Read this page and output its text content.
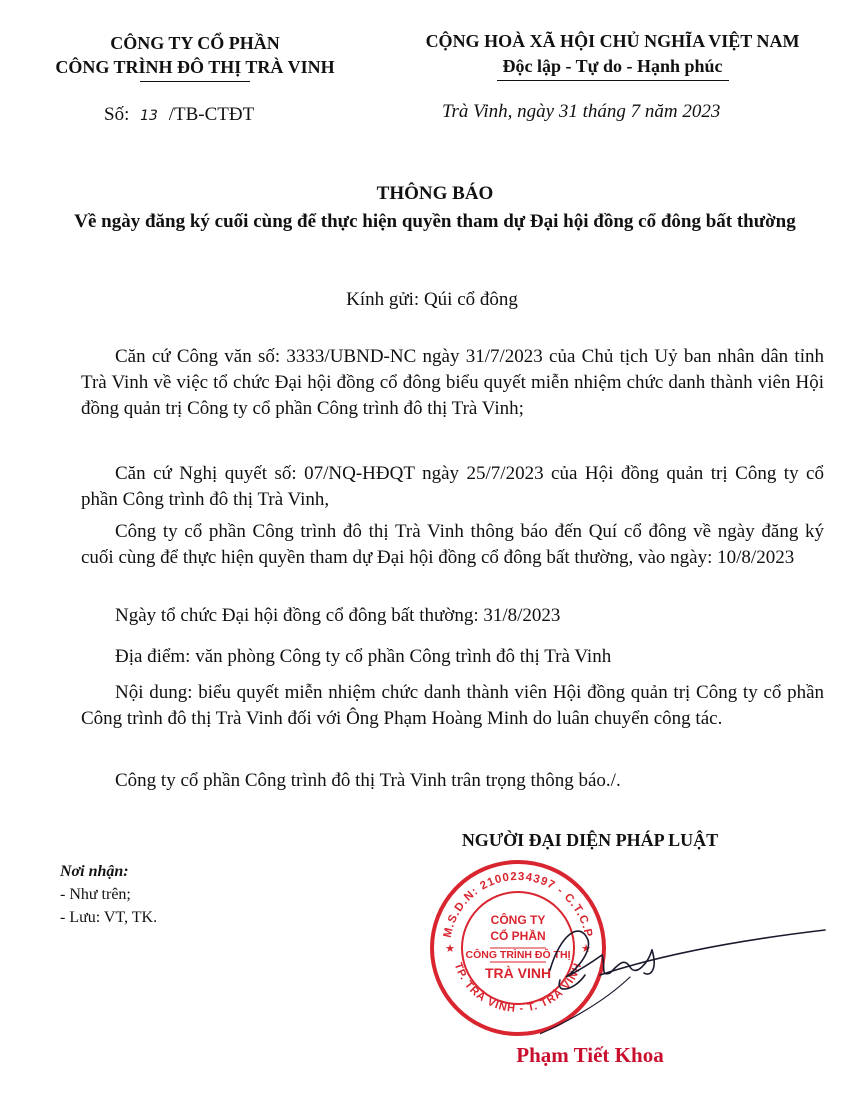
CÔNG TY CỔ PHẦN
CÔNG TRÌNH ĐÔ THỊ TRÀ VINH
Số: 13 /TB-CTĐT
CỘNG HOÀ XÃ HỘI CHỦ NGHĨA VIỆT NAM
Độc lập - Tự do - Hạnh phúc
Trà Vinh, ngày 31 tháng 7 năm 2023
THÔNG BÁO
Về ngày đăng ký cuối cùng để thực hiện quyền tham dự Đại hội đồng cổ đông bất thường
Kính gửi: Qúi cổ đông
Căn cứ Công văn số: 3333/UBND-NC ngày 31/7/2023 của Chủ tịch Uỷ ban nhân dân tỉnh Trà Vinh về việc tổ chức Đại hội đồng cổ đông biểu quyết miễn nhiệm chức danh thành viên Hội đồng quản trị Công ty cổ phần Công trình đô thị Trà Vinh;
Căn cứ Nghị quyết số: 07/NQ-HĐQT ngày 25/7/2023 của Hội đồng quản trị Công ty cổ phần Công trình đô thị Trà Vinh,
Công ty cổ phần Công trình đô thị Trà Vinh thông báo đến Quí cổ đông về ngày đăng ký cuối cùng để thực hiện quyền tham dự Đại hội đồng cổ đông bất thường, vào ngày: 10/8/2023
Ngày tổ chức Đại hội đồng cổ đông bất thường: 31/8/2023
Địa điểm: văn phòng Công ty cổ phần Công trình đô thị Trà Vinh
Nội dung: biểu quyết miễn nhiệm chức danh thành viên Hội đồng quản trị Công ty cổ phần Công trình đô thị Trà Vinh đối với Ông Phạm Hoàng Minh do luân chuyển công tác.
Công ty cổ phần Công trình đô thị Trà Vinh trân trọng thông báo./.
Nơi nhận:
- Như trên;
- Lưu: VT, TK.
NGƯỜI ĐẠI DIỆN PHÁP LUẬT
M.S.D.N: 2100234397 - C.T.C.P
TP. TRÀ VINH - T. TRÀ VINH
★	★
CÔNG TY
CỔ PHẦN
CÔNG TRÌNH ĐÔ THỊ
TRÀ VINH
Phạm Tiết Khoa
